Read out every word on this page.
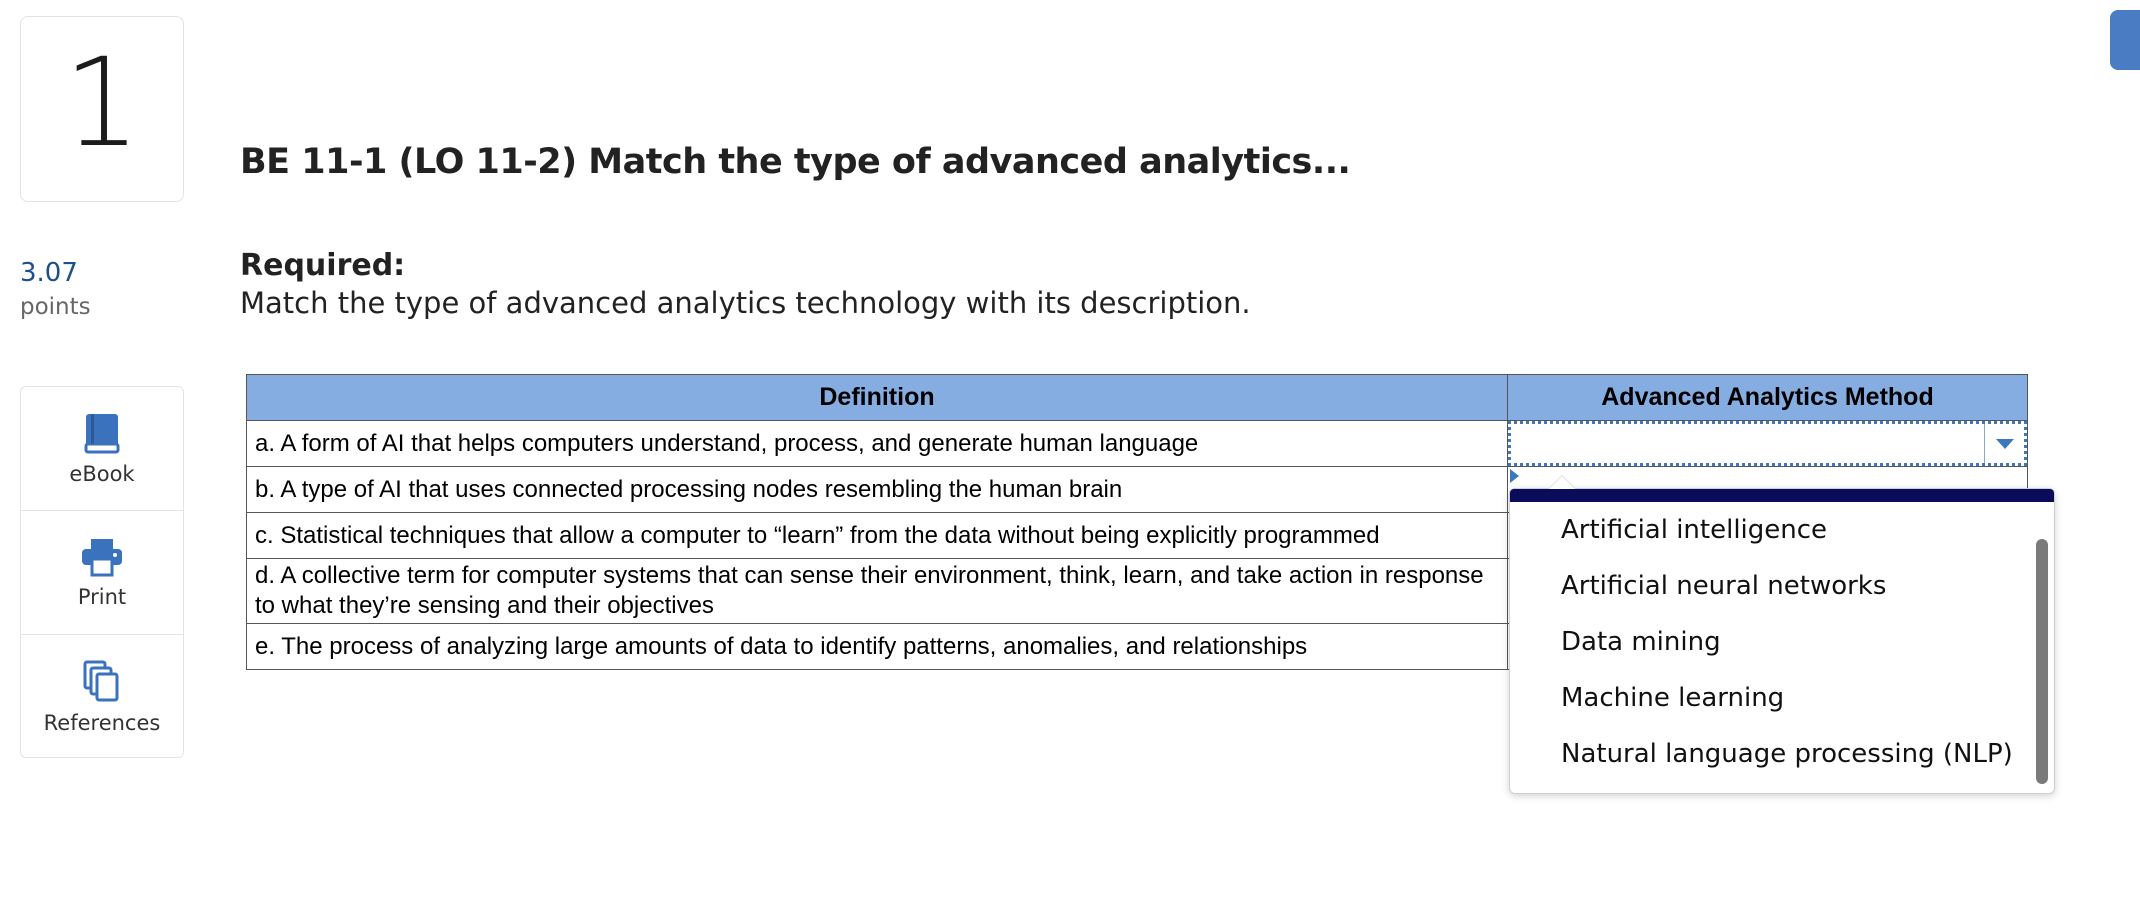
1
3.07
points
eBook
Print
References
BE 11-1 (LO 11-2) Match the type of advanced analytics...
Required:
Match the type of advanced analytics technology with its description.
Definition	Advanced Analytics Method
a. A form of AI that helps computers understand, process, and generate human language	

b. A type of AI that uses connected processing nodes resembling the human brain	
c. Statistical techniques that allow a computer to “learn” from the data without being explicitly programmed	
d. A collective term for computer systems that can sense their environment, think, learn, and take action in response to what they’re sensing and their objectives	
e. The process of analyzing large amounts of data to identify patterns, anomalies, and relationships	
Artificial intelligence
Artificial neural networks
Data mining
Machine learning
Natural language processing (NLP)
